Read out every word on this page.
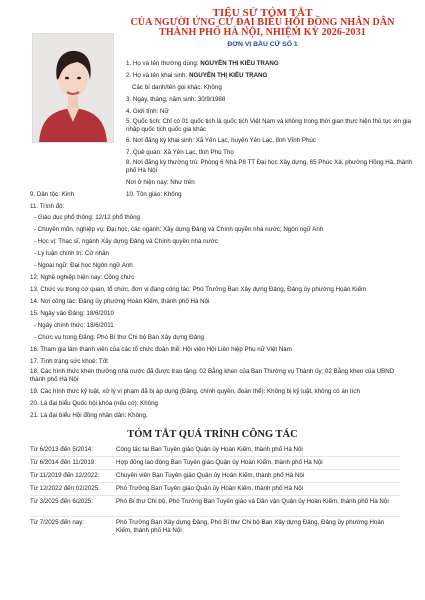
TIỂU SỬ TÓM TẮT
CỦA NGƯỜI ỨNG CỬ ĐẠI BIỂU HỘI ĐỒNG NHÂN DÂN
THÀNH PHỐ HÀ NỘI, NHIỆM KỲ 2026-2031
ĐƠN VỊ BẦU CỬ SỐ 1
1. Họ và tên thường dùng: NGUYỄN THỊ KIỀU TRANG
2. Họ và tên khai sinh: NGUYỄN THỊ KIỀU TRANG
Các bí danh/tên gọi khác: Không
3. Ngày, tháng, năm sinh: 30/9/1988
4. Giới tính: Nữ
5. Quốc tịch: Chỉ có 01 quốc tịch là quốc tịch Việt Nam và không trong thời gian thực hiện thủ tục xin gia nhập quốc tịch quốc gia khác
6. Nơi đăng ký khai sinh: Xã Yên Lạc, huyện Yên Lạc, tỉnh Vĩnh Phúc
7. Quê quán: Xã Yên Lạc, tỉnh Phú Thọ
8. Nơi đăng ký thường trú: Phòng 6 Nhà P8 TT Đại học Xây dựng, 65 Phúc Xá, phường Hồng Hà, thành phố Hà Nội
Nơi ở hiện nay: Như trên
9. Dân tộc: Kinh	10. Tôn giáo: Không
11. Trình độ:
- Giáo dục phổ thông: 12/12 phổ thông
- Chuyên môn, nghiệp vụ: Đại học, các ngành: Xây dựng Đảng và Chính quyền nhà nước; Ngôn ngữ Anh
- Học vị: Thạc sĩ, ngành Xây dựng Đảng và Chính quyền nhà nước
- Lý luận chính trị: Cử nhân
- Ngoại ngữ: Đại học Ngôn ngữ Anh
12. Nghề nghiệp hiện nay: Công chức
13. Chức vụ trong cơ quan, tổ chức, đơn vị đang công tác: Phó Trưởng Ban Xây dựng Đảng, Đảng ủy phường Hoàn Kiếm
14. Nơi công tác: Đảng ủy phường Hoàn Kiếm, thành phố Hà Nội
15. Ngày vào Đảng: 18/6/2010
- Ngày chính thức: 18/6/2011
- Chức vụ trong Đảng: Phó Bí thư Chi bộ Ban Xây dựng Đảng
16. Tham gia làm thành viên của các tổ chức đoàn thể: Hội viên Hội Liên hiệp Phụ nữ Việt Nam
17. Tình trạng sức khoẻ: Tốt
18. Các hình thức khen thưởng nhà nước đã được trao tặng: 02 Bằng khen của Ban Thường vụ Thành ủy; 02 Bằng khen của UBND thành phố Hà Nội
19. Các hình thức kỷ luật, xử lý vi phạm đã bị áp dụng (Đảng, chính quyền, đoàn thể): Không bị kỷ luật, không có án tích
20. Là đại biểu Quốc hội khóa (nếu có): Không
21. Là đại biểu Hội đồng nhân dân: Không.
TÓM TẮT QUÁ TRÌNH CÔNG TÁC
Từ 6/2013 đến 5/2014:	Công tác tại Ban Tuyên giáo Quận ủy Hoàn Kiếm, thành phố Hà Nội
Từ 6/2014 đến 11/2019:	Hợp đồng lao động Ban Tuyên giáo Quận ủy Hoàn Kiếm, thành phố Hà Nội
Từ 11/2019 đến 12/2022:	Chuyên viên Ban Tuyên giáo Quận ủy Hoàn Kiếm, thành phố Hà Nội
Từ 12/2022 đến 02/2025:	Phó Trưởng Ban Tuyên giáo Quận ủy Hoàn Kiếm, thành phố Hà Nội
Từ 3/2025 đến 6/2025:	Phó Bí thư Chi bộ, Phó Trưởng Ban Tuyên giáo và Dân vận Quận ủy Hoàn Kiếm, thành phố Hà Nội
Từ 7/2025 đến nay:	Phó Trưởng Ban Xây dựng Đảng, Phó Bí thư Chi bộ Ban Xây dựng Đảng, Đảng ủy phường Hoàn Kiếm, thành phố Hà Nội
